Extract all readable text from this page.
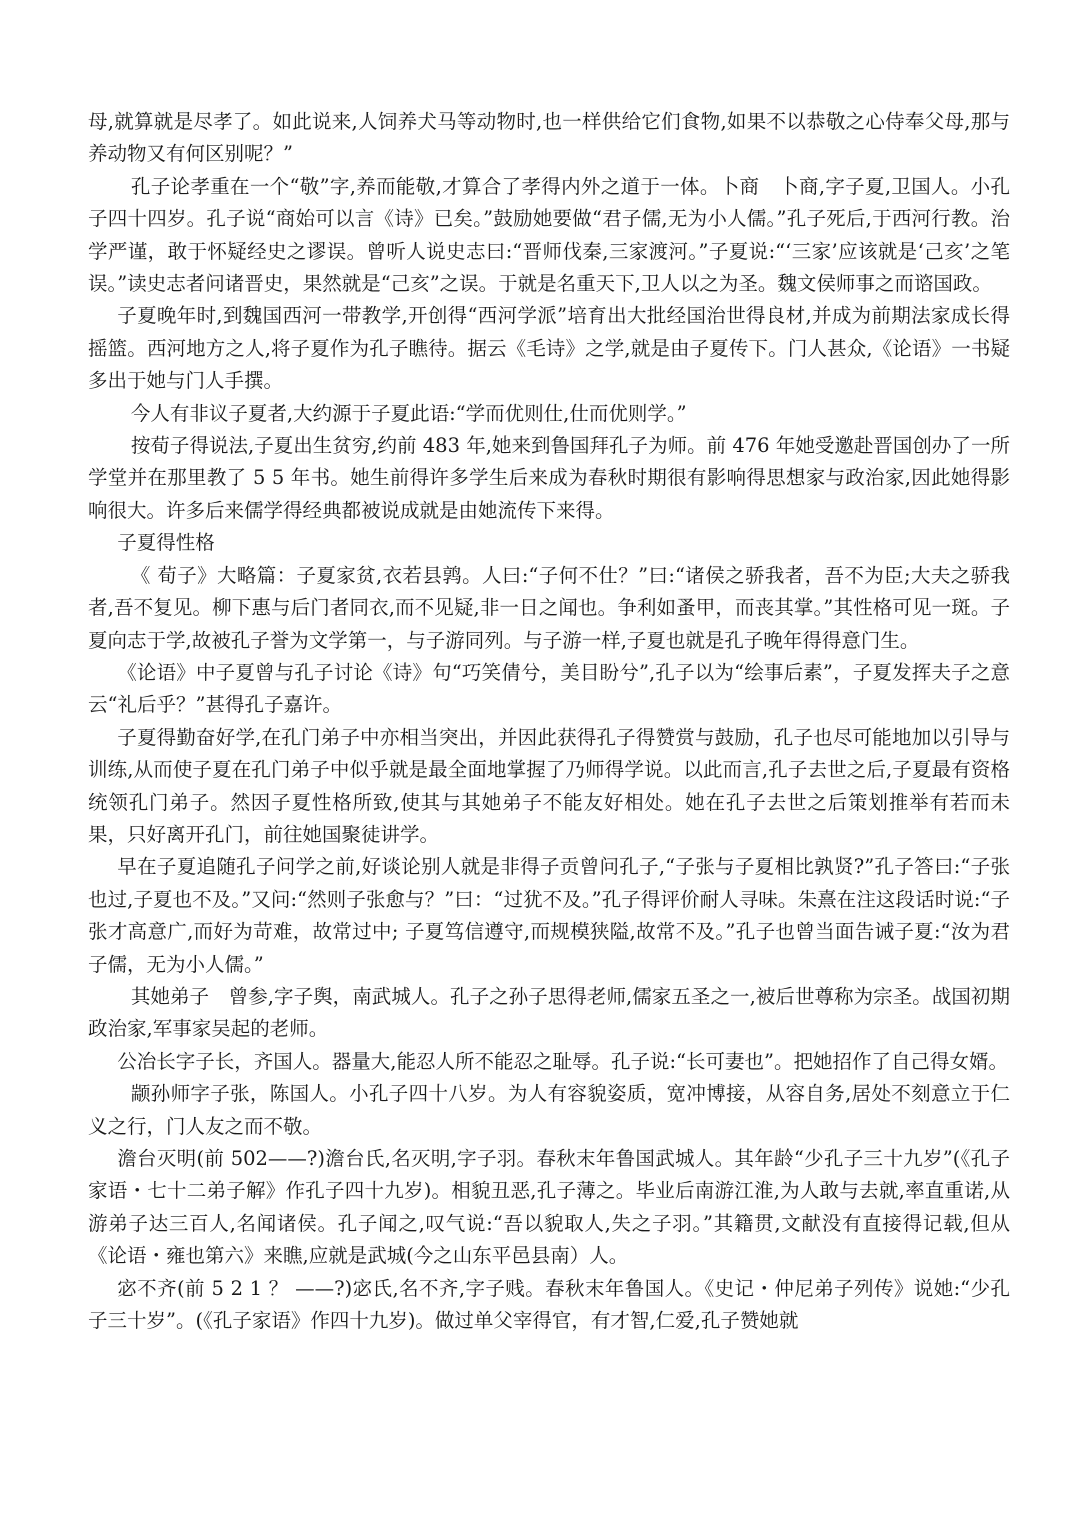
母,就算就是尽孝了。如此说来,人饲养犬马等动物时,也一样供给它们食物,如果不以恭敬之心侍奉父母,那与养动物又有何区别呢？”

孔子论孝重在一个“敬”字,养而能敬,才算合了孝得内外之道于一体。卜商　卜商,字子夏,卫国人。小孔子四十四岁。孔子说“商始可以言《诗》已矣。”鼓励她要做“君子儒,无为小人儒。”孔子死后,于西河行教。治学严谨，敢于怀疑经史之谬误。曾听人说史志曰:“晋师伐秦,三家渡河。”子夏说:“‘三家’应该就是‘己亥’之笔误。”读史志者问诸晋史，果然就是“己亥”之误。于就是名重天下,卫人以之为圣。魏文侯师事之而谘国政。

子夏晚年时,到魏国西河一带教学,开创得“西河学派”培育出大批经国治世得良材,并成为前期法家成长得摇篮。西河地方之人,将子夏作为孔子瞧待。据云《毛诗》之学,就是由子夏传下。门人甚众,《论语》一书疑多出于她与门人手撰。

今人有非议子夏者,大约源于子夏此语:“学而优则仕,仕而优则学。”

按荀子得说法,子夏出生贫穷,约前 483 年,她来到鲁国拜孔子为师。前 476 年她受邀赴晋国创办了一所学堂并在那里教了 5 5 年书。她生前得许多学生后来成为春秋时期很有影响得思想家与政治家,因此她得影响很大。许多后来儒学得经典都被说成就是由她流传下来得。

子夏得性格

《 荀子》大略篇：子夏家贫,衣若县鹑。人曰:“子何不仕？”曰:“诸侯之骄我者，吾不为臣;大夫之骄我者,吾不复见。柳下惠与后门者同衣,而不见疑,非一日之闻也。争利如蚤甲，而丧其掌。”其性格可见一斑。子夏向志于学,故被孔子誉为文学第一，与子游同列。与子游一样,子夏也就是孔子晚年得得意门生。

《论语》中子夏曾与孔子讨论《诗》句“巧笑倩兮，美目盼兮”,孔子以为“绘事后素”，子夏发挥夫子之意云“礼后乎？”甚得孔子嘉许。

子夏得勤奋好学,在孔门弟子中亦相当突出，并因此获得孔子得赞赏与鼓励，孔子也尽可能地加以引导与训练,从而使子夏在孔门弟子中似乎就是最全面地掌握了乃师得学说。以此而言,孔子去世之后,子夏最有资格统领孔门弟子。然因子夏性格所致,使其与其她弟子不能友好相处。她在孔子去世之后策划推举有若而未果，只好离开孔门，前往她国聚徒讲学。

早在子夏追随孔子问学之前,好谈论别人就是非得子贡曾问孔子,“子张与子夏相比孰贤?”孔子答曰:“子张也过,子夏也不及。”又问:“然则子张愈与？”曰：“过犹不及。”孔子得评价耐人寻味。朱熹在注这段话时说:“子张才高意广,而好为苛难，故常过中; 子夏笃信遵守,而规模狭隘,故常不及。”孔子也曾当面告诫子夏:“汝为君子儒，无为小人儒。”

其她弟子　曾参,字子舆，南武城人。孔子之孙子思得老师,儒家五圣之一,被后世尊称为宗圣。战国初期政治家,军事家吴起的老师。

公冶长字子长，齐国人。器量大,能忍人所不能忍之耻辱。孔子说:“长可妻也”。把她招作了自己得女婿。

颛孙师字子张，陈国人。小孔子四十八岁。为人有容貌姿质，宽冲博接，从容自务,居处不刻意立于仁义之行，门人友之而不敬。

澹台灭明(前 502——?)澹台氏,名灭明,字子羽。春秋末年鲁国武城人。其年龄“少孔子三十九岁”(《孔子家语・七十二弟子解》作孔子四十九岁)。相貌丑恶,孔子薄之。毕业后南游江淮,为人敢与去就,率直重诺,从游弟子达三百人,名闻诸侯。孔子闻之,叹气说:“吾以貌取人,失之子羽。”其籍贯,文献没有直接得记载,但从《论语・雍也第六》来瞧,应就是武城(今之山东平邑县南）人。

宓不齐(前 5 2 1 ？ ——?)宓氏,名不齐,字子贱。春秋末年鲁国人。《史记・仲尼弟子列传》说她:“少孔子三十岁”。(《孔子家语》作四十九岁)。做过单父宰得官，有才智,仁爱,孔子赞她就
